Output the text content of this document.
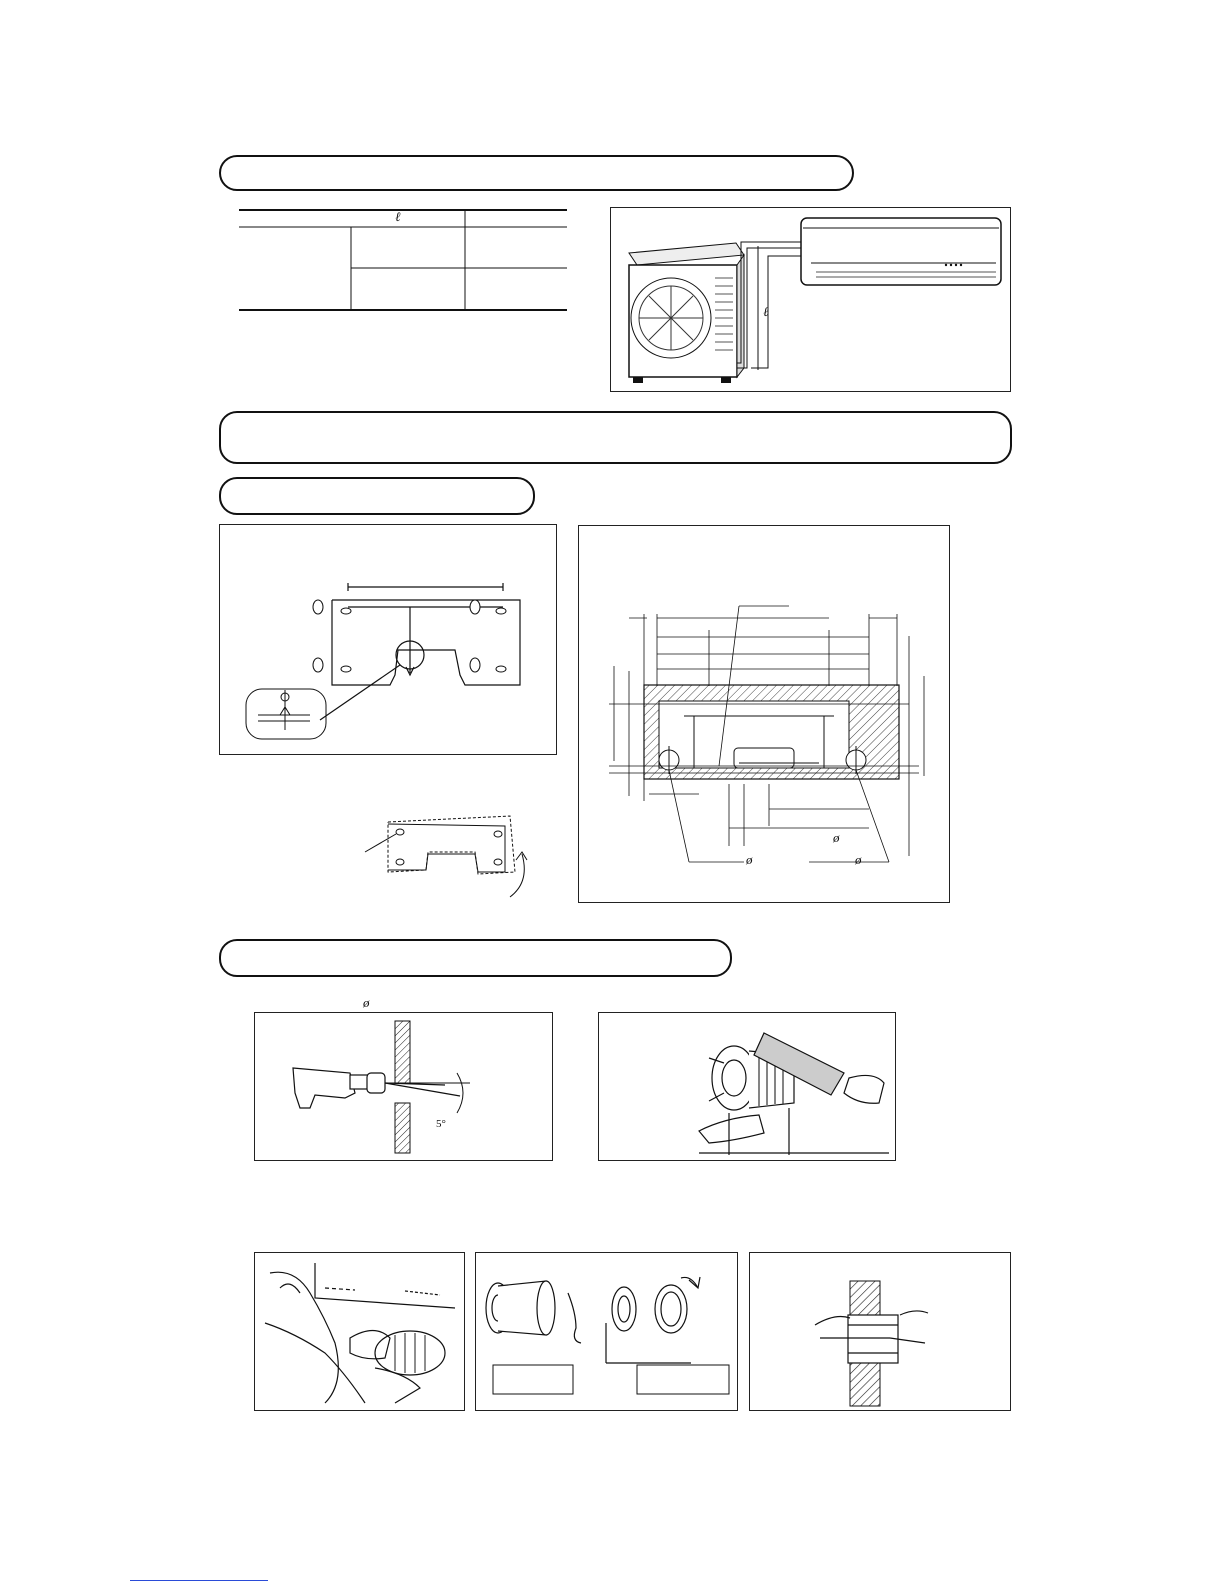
ℓ
ℓ
ø
ø	ø
ø
5°
